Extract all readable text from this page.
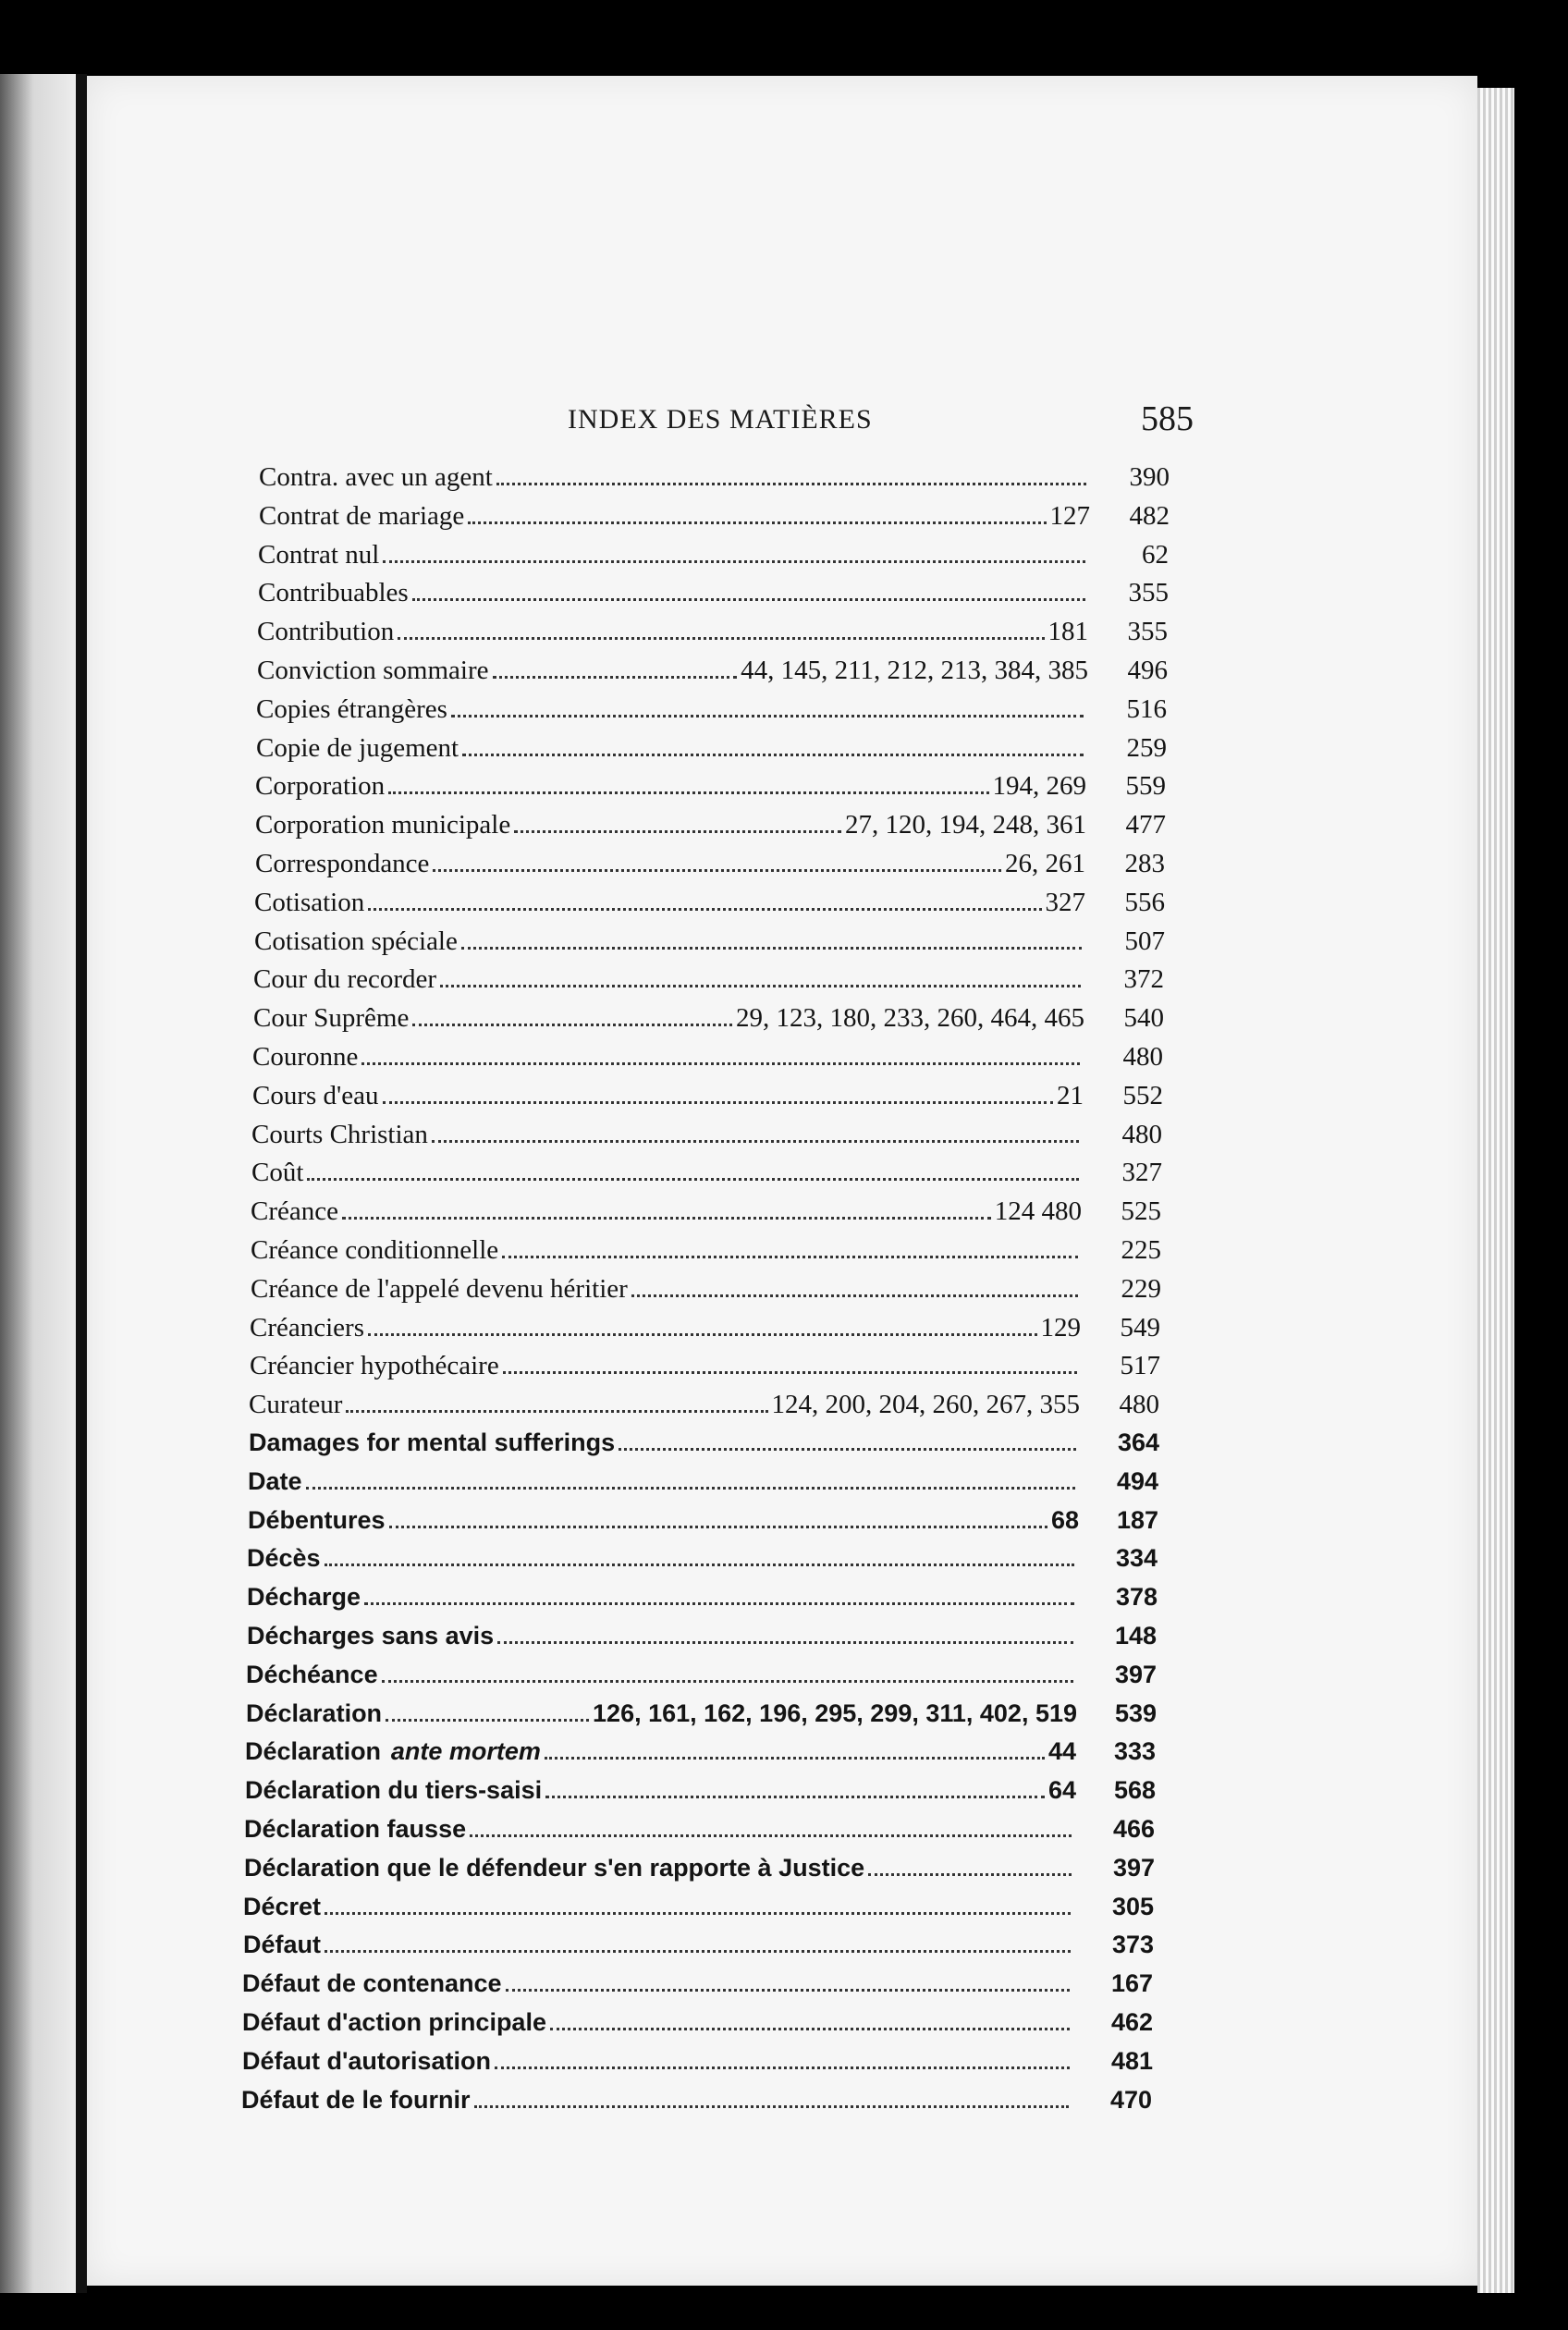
INDEX DES MATIÈRES	585
Contra. avec un agent	390
Contrat de mariage	127	482
Contrat nul	62
Contribuables	355
Contribution	181	355
Conviction sommaire	44, 145, 211, 212, 213, 384, 385	496
Copies étrangères	516
Copie de jugement	259
Corporation	194, 269	559
Corporation municipale	27, 120, 194, 248, 361	477
Correspondance	26, 261	283
Cotisation	327	556
Cotisation spéciale	507
Cour du recorder	372
Cour Suprême	29, 123, 180, 233, 260, 464, 465	540
Couronne	480
Cours d'eau	21	552
Courts Christian	480
Coût	327
Créance	124 480	525
Créance conditionnelle	225
Créance de l'appelé devenu héritier	229
Créanciers	129	549
Créancier hypothécaire	517
Curateur	124, 200, 204, 260, 267, 355	480
Damages for mental sufferings	364
Date	494
Débentures	68	187
Décès	334
Décharge	378
Décharges sans avis	148
Déchéance	397
Déclaration	126, 161, 162, 196, 295, 299, 311, 402, 519	539
Déclaration ante mortem	44	333
Déclaration du tiers-saisi	64	568
Déclaration fausse	466
Déclaration que le défendeur s'en rapporte à Justice	397
Décret	305
Défaut	373
Défaut de contenance	167
Défaut d'action principale	462
Défaut d'autorisation	481
Défaut de le fournir	470
